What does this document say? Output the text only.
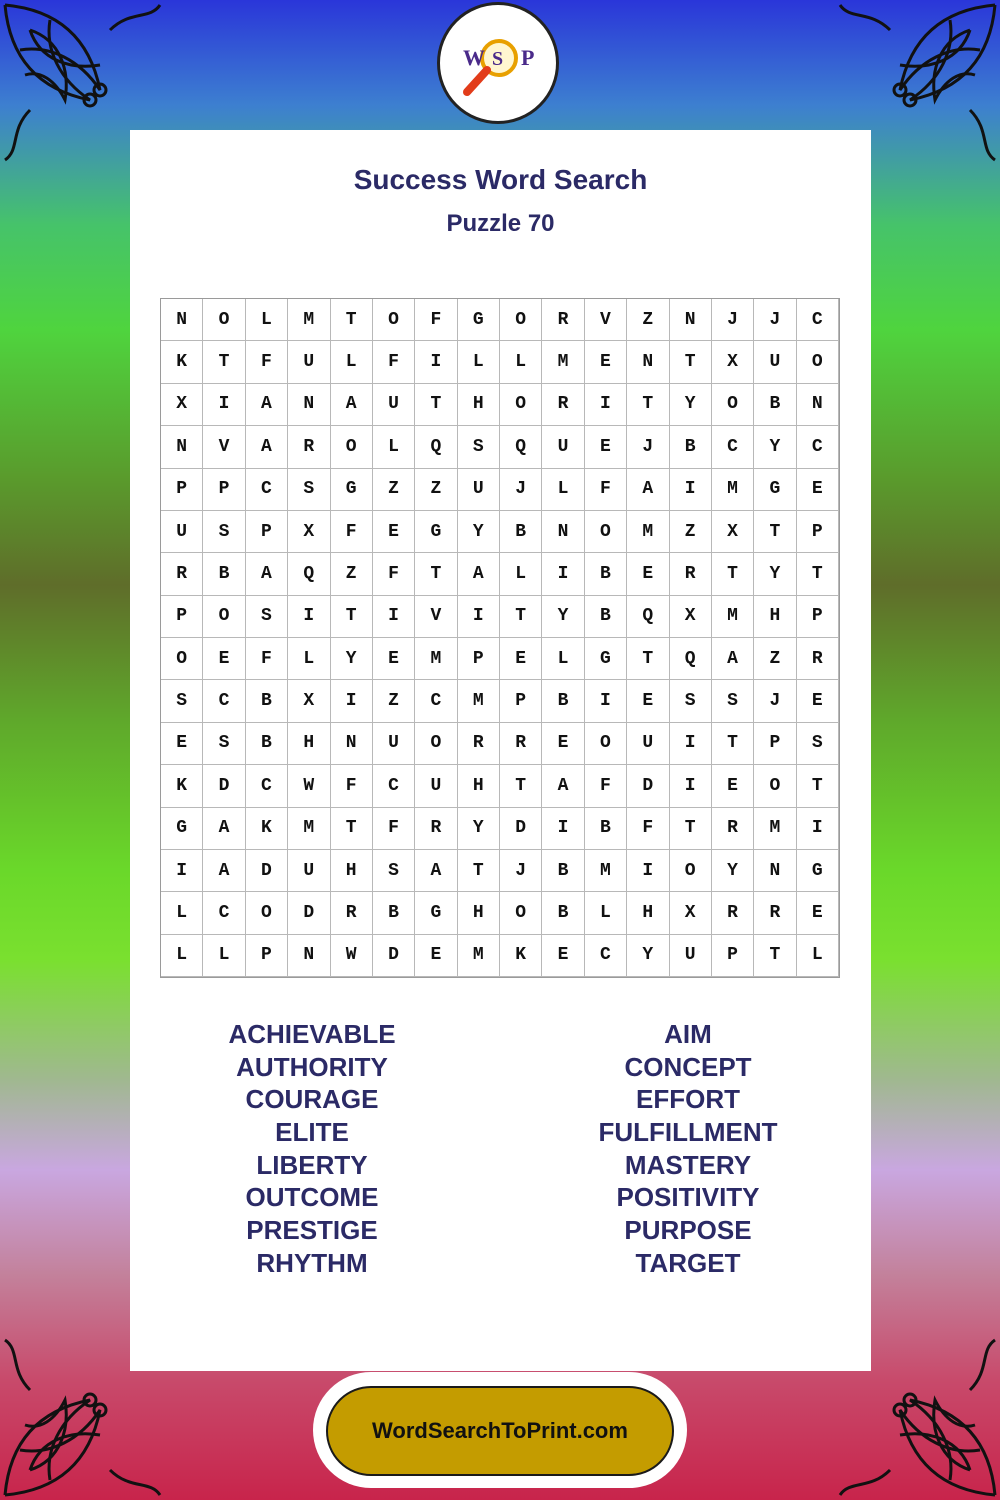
W S P
Success Word Search
Puzzle 70
N	O	L	M	T	O	F	G	O	R	V	Z	N	J	J	C
K	T	F	U	L	F	I	L	L	M	E	N	T	X	U	O
X	I	A	N	A	U	T	H	O	R	I	T	Y	O	B	N
N	V	A	R	O	L	Q	S	Q	U	E	J	B	C	Y	C
P	P	C	S	G	Z	Z	U	J	L	F	A	I	M	G	E
U	S	P	X	F	E	G	Y	B	N	O	M	Z	X	T	P
R	B	A	Q	Z	F	T	A	L	I	B	E	R	T	Y	T
P	O	S	I	T	I	V	I	T	Y	B	Q	X	M	H	P
O	E	F	L	Y	E	M	P	E	L	G	T	Q	A	Z	R
S	C	B	X	I	Z	C	M	P	B	I	E	S	S	J	E
E	S	B	H	N	U	O	R	R	E	O	U	I	T	P	S
K	D	C	W	F	C	U	H	T	A	F	D	I	E	O	T
G	A	K	M	T	F	R	Y	D	I	B	F	T	R	M	I
I	A	D	U	H	S	A	T	J	B	M	I	O	Y	N	G
L	C	O	D	R	B	G	H	O	B	L	H	X	R	R	E
L	L	P	N	W	D	E	M	K	E	C	Y	U	P	T	L
ACHIEVABLE
AUTHORITY
COURAGE
ELITE
LIBERTY
OUTCOME
PRESTIGE
RHYTHM
AIM
CONCEPT
EFFORT
FULFILLMENT
MASTERY
POSITIVITY
PURPOSE
TARGET
WordSearchToPrint.com
